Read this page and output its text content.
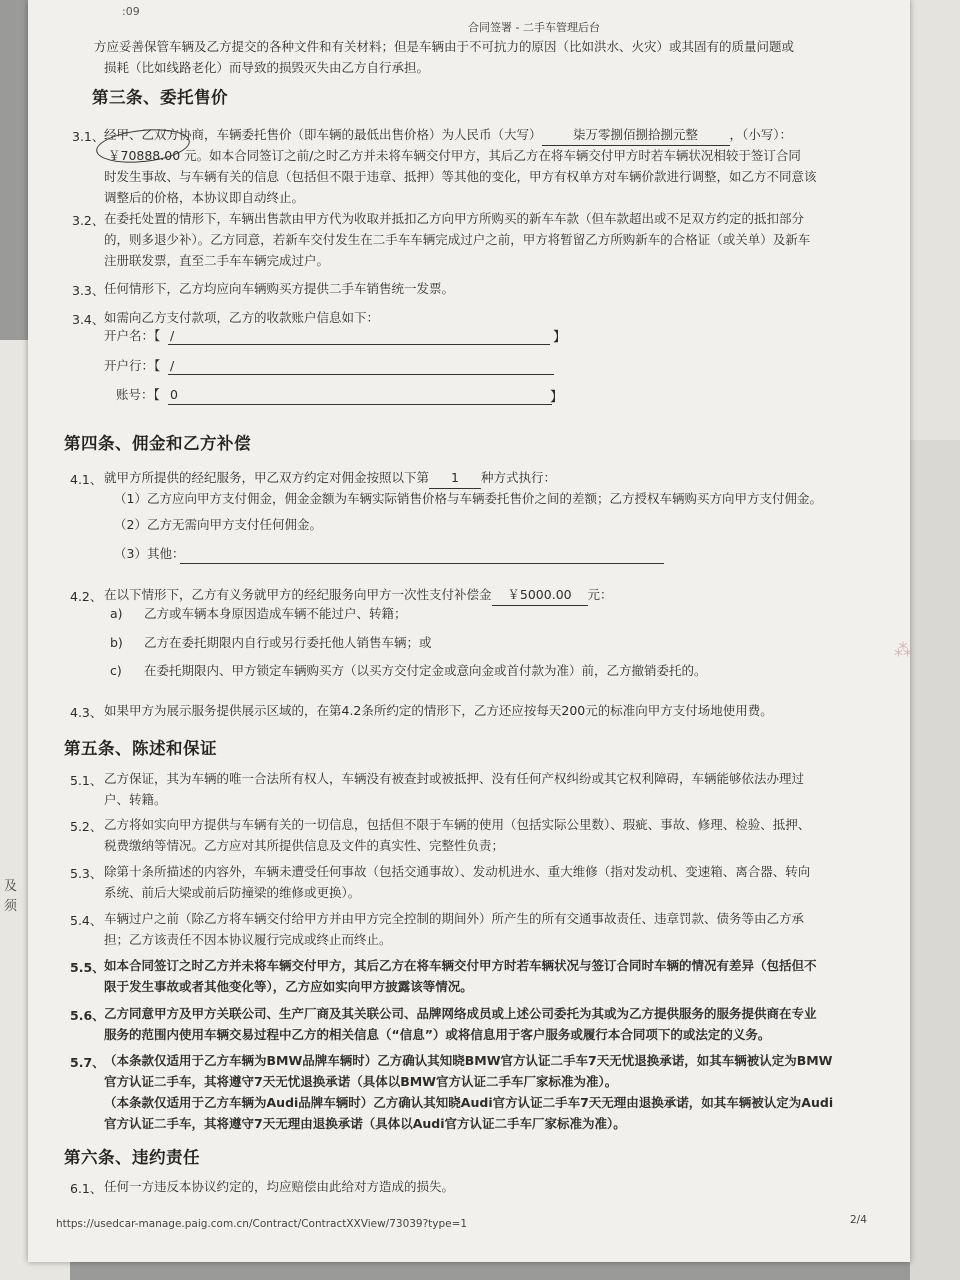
及
须
:09
合同签署 - 二手车管理后台
方应妥善保管车辆及乙方提交的各种文件和有关材料；但是车辆由于不可抗力的原因（比如洪水、火灾）或其固有的质量问题或
损耗（比如线路老化）而导致的损毁灭失由乙方自行承担。
第三条、委托售价
3.1、 经甲、乙双方协商，车辆委托售价（即车辆的最低出售价格）为人民币（大写）	柒万零捌佰捌拾捌元整	，（小写）：
￥70888.00 元。如本合同签订之前/之时乙方并未将车辆交付甲方，其后乙方在将车辆交付甲方时若车辆状况相较于签订合同
时发生事故、与车辆有关的信息（包括但不限于违章、抵押）等其他的变化，甲方有权单方对车辆价款进行调整，如乙方不同意该
调整后的价格，本协议即自动终止。
3.2、 在委托处置的情形下，车辆出售款由甲方代为收取并抵扣乙方向甲方所购买的新车车款（但车款超出或不足双方约定的抵扣部分
的，则多退少补）。乙方同意，若新车交付发生在二手车车辆完成过户之前，甲方将暂留乙方所购新车的合格证（或关单）及新车
注册联发票，直至二手车车辆完成过户。
3.3、 任何情形下，乙方均应向车辆购买方提供二手车销售统一发票。
3.4、 如需向乙方支付款项，乙方的收款账户信息如下：
开户名：【 /	】
开户行：【 /
账号：【 0	】
第四条、佣金和乙方补偿
4.1、 就甲方所提供的经纪服务，甲乙双方约定对佣金按照以下第 1 种方式执行：
（1）乙方应向甲方支付佣金，佣金金额为车辆实际销售价格与车辆委托售价之间的差额；乙方授权车辆购买方向甲方支付佣金。
（2）乙方无需向甲方支付任何佣金。
（3）其他：
4.2、 在以下情形下，乙方有义务就甲方的经纪服务向甲方一次性支付补偿金 ￥5000.00 元：
a) 乙方或车辆本身原因造成车辆不能过户、转籍；
b) 乙方在委托期限内自行或另行委托他人销售车辆；或
c) 在委托期限内、甲方锁定车辆购买方（以买方交付定金或意向金或首付款为准）前，乙方撤销委托的。
4.3、 如果甲方为展示服务提供展示区域的，在第4.2条所约定的情形下，乙方还应按每天200元的标准向甲方支付场地使用费。
第五条、陈述和保证
5.1、 乙方保证，其为车辆的唯一合法所有权人，车辆没有被查封或被抵押、没有任何产权纠纷或其它权利障碍，车辆能够依法办理过
户、转籍。
5.2、 乙方将如实向甲方提供与车辆有关的一切信息，包括但不限于车辆的使用（包括实际公里数）、瑕疵、事故、修理、检验、抵押、
税费缴纳等情况。乙方应对其所提供信息及文件的真实性、完整性负责；
5.3、 除第十条所描述的内容外，车辆未遭受任何事故（包括交通事故）、发动机进水、重大维修（指对发动机、变速箱、离合器、转向
系统、前后大梁或前后防撞梁的维修或更换）。
5.4、 车辆过户之前（除乙方将车辆交付给甲方并由甲方完全控制的期间外）所产生的所有交通事故责任、违章罚款、债务等由乙方承
担；乙方该责任不因本协议履行完成或终止而终止。
5.5、 如本合同签订之时乙方并未将车辆交付甲方，其后乙方在将车辆交付甲方时若车辆状况与签订合同时车辆的情况有差异（包括但不
限于发生事故或者其他变化等），乙方应如实向甲方披露该等情况。
5.6、 乙方同意甲方及甲方关联公司、生产厂商及其关联公司、品牌网络成员或上述公司委托为其或为乙方提供服务的服务提供商在专业
服务的范围内使用车辆交易过程中乙方的相关信息（“信息”）或将信息用于客户服务或履行本合同项下的或法定的义务。
5.7、 （本条款仅适用于乙方车辆为BMW品牌车辆时）乙方确认其知晓BMW官方认证二手车7天无忧退换承诺，如其车辆被认定为BMW
官方认证二手车，其将遵守7天无忧退换承诺（具体以BMW官方认证二手车厂家标准为准）。
（本条款仅适用于乙方车辆为Audi品牌车辆时）乙方确认其知晓Audi官方认证二手车7天无理由退换承诺，如其车辆被认定为Audi
官方认证二手车，其将遵守7天无理由退换承诺（具体以Audi官方认证二手车厂家标准为准）。
第六条、违约责任
6.1、 任何一方违反本协议约定的，均应赔偿由此给对方造成的损失。
⁂
https://usedcar-manage.paig.com.cn/Contract/ContractXXView/73039?type=1	2/4
